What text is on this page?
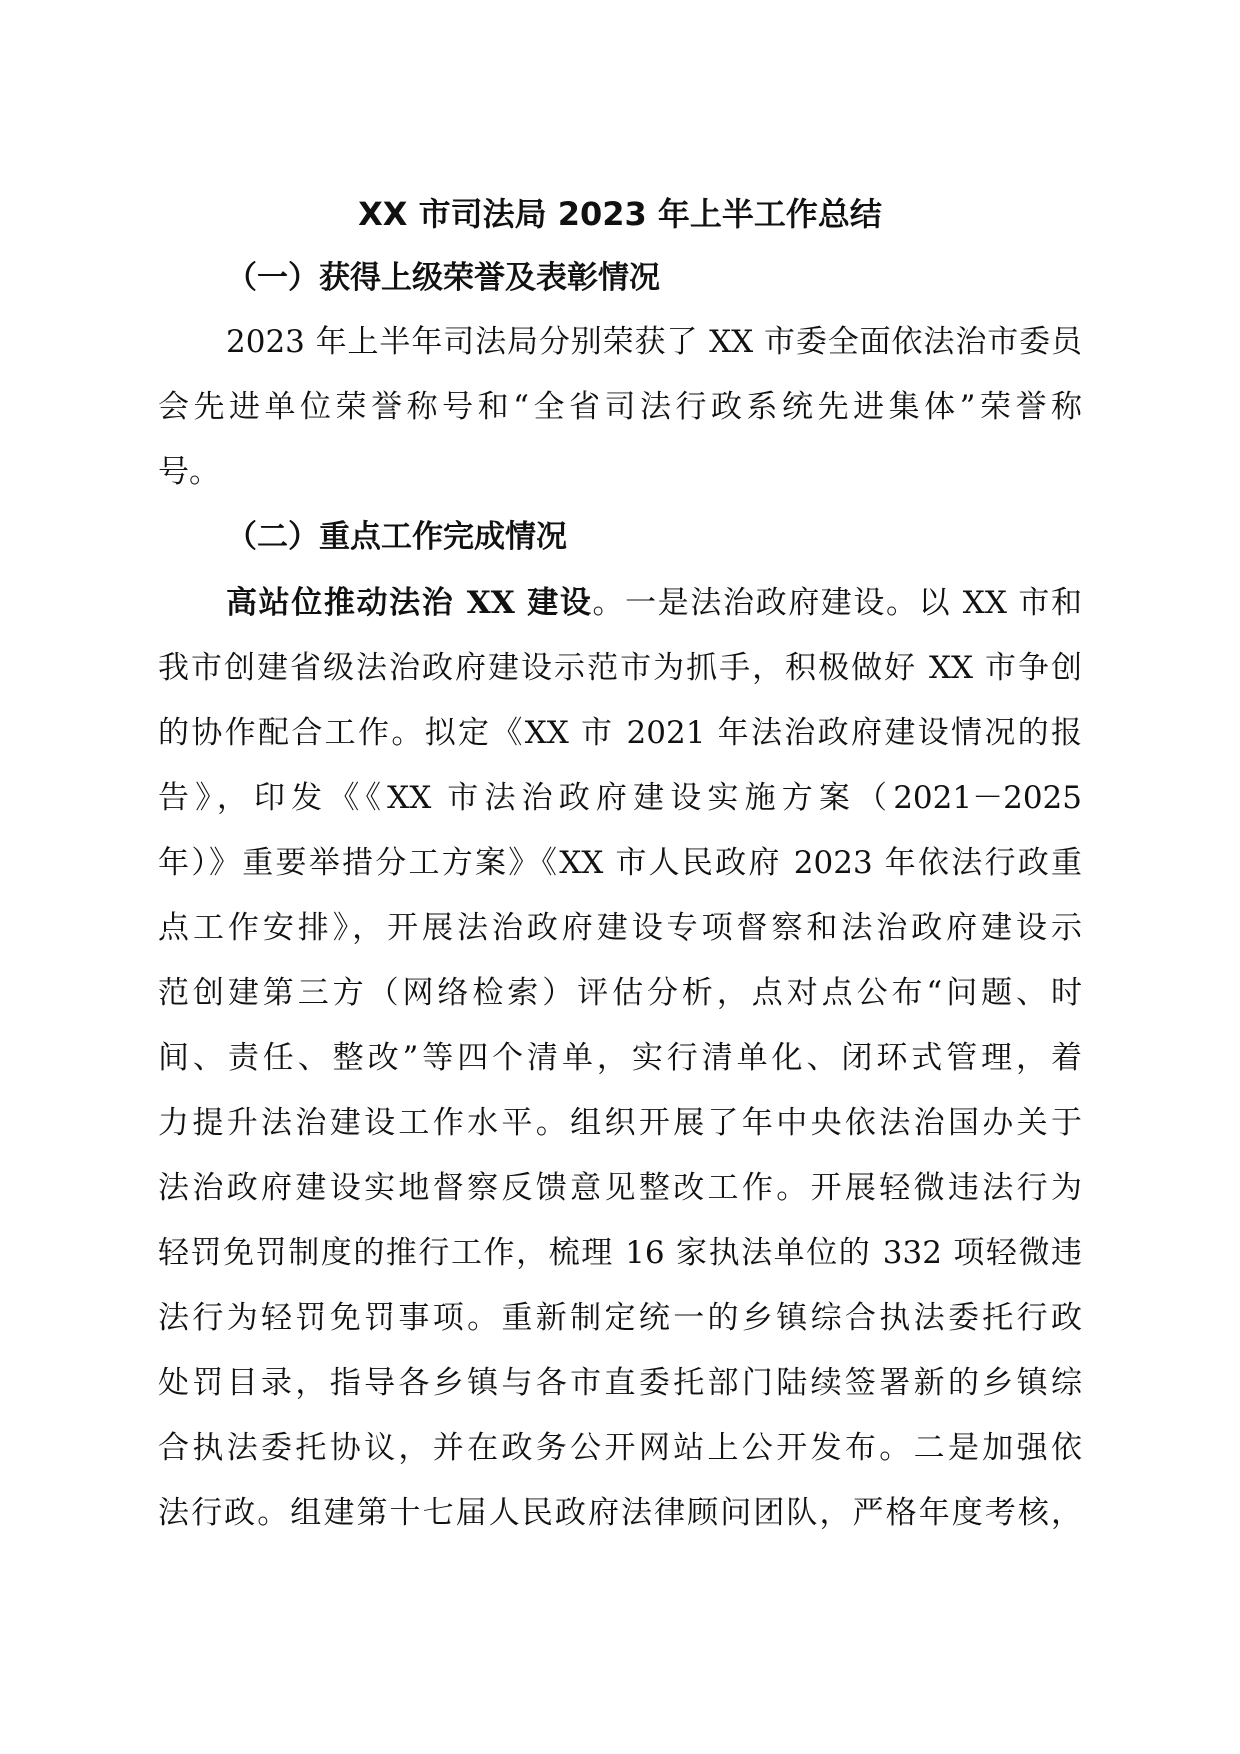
XX 市司法局 2023 年上半工作总结
（一）获得上级荣誉及表彰情况
2023 年上半年司法局分别荣获了 XX 市委全面依法治市委员
会先进单位荣誉称号和“全省司法行政系统先进集体”荣誉称
号。
（二）重点工作完成情况
高站位推动法治 XX 建设。一是法治政府建设。以 XX 市和
我市创建省级法治政府建设示范市为抓手，积极做好 XX 市争创
的协作配合工作。拟定《XX 市 2021 年法治政府建设情况的报
告》，印发《《XX 市法治政府建设实施方案（2021－2025
年）》重要举措分工方案》《XX 市人民政府 2023 年依法行政重
点工作安排》，开展法治政府建设专项督察和法治政府建设示
范创建第三方（网络检索）评估分析，点对点公布“问题、时
间、责任、整改”等四个清单，实行清单化、闭环式管理，着
力提升法治建设工作水平。组织开展了年中央依法治国办关于
法治政府建设实地督察反馈意见整改工作。开展轻微违法行为
轻罚免罚制度的推行工作，梳理 16 家执法单位的 332 项轻微违
法行为轻罚免罚事项。重新制定统一的乡镇综合执法委托行政
处罚目录，指导各乡镇与各市直委托部门陆续签署新的乡镇综
合执法委托协议，并在政务公开网站上公开发布。二是加强依
法行政。组建第十七届人民政府法律顾问团队，严格年度考核，
